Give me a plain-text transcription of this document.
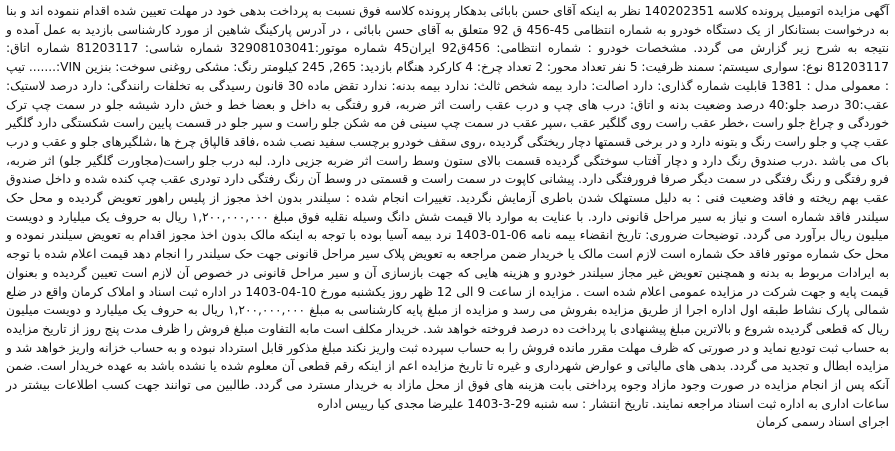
آگهی مزایده اتومبیل پرونده کلاسه 140202351 نظر به اینکه آقای حسن بابائی بدهکار پرونده کلاسه فوق نسبت به پرداخت بدهی خود در مهلت تعیین شده اقدام ننموده اند و بنا به درخواست بستانکار از یک دستگاه خودرو به شماره انتظامی 45-456 ق 92 متعلق به آقای حسن بابائی ، در آدرس پارکینگ شاهین از مورد کارشناسی بازدید به عمل آمده و نتیجه به شرح زیر گزارش می گردد. مشخصات خودرو : شماره انتظامی: 456ق92 ایران45 شماره موتور:32908103041 شماره شاسی: 81203117 شماره اتاق: 81203117 نوع: سواری سیستم: سمند ظرفیت: 5 نفر تعداد محور: 2 تعداد چرخ: 4 کارکرد هنگام بازدید: 265, 245 کیلومتر رنگ: مشکی روغنی سوخت: بنزین VIN:....... تیپ : معمولی مدل : 1381 قابلیت شماره گذاری: دارد اصالت: دارد بیمه شخص ثالث: ندارد بیمه بدنه: ندارد تقض ماده 30 قانون رسیدگی به تخلفات رانندگی: دارد درصد لاستیک: عقب:30 درصد جلو:40 درصد وضعیت بدنه و اتاق: درب های چپ و درب عقب راست اثر ضربه، فرو رفتگی به داخل و بعضا خط و خش دارد شیشه جلو در سمت چپ ترک خوردگی و چراغ جلو راست ،خطر عقب راست روی گلگیر عقب ،سپر عقب در سمت چپ سینی فن مه شکن جلو راست و سپر جلو در قسمت پایین راست شکستگی دارد گلگیر عقب چپ و جلو راست رنگ و بتونه دارد و در برخی قسمتها دچار ریختگی گردیده ،روی سقف خودرو برچسب سفید نصب شده ،فاقد قالپاق چرخ ها ،شلگیرهای جلو و عقب و درب باک می باشد .درب صندوق رنگ دارد و دچار آفتاب سوختگی گردیده قسمت بالای ستون وسط راست اثر ضربه جزیی دارد. لبه درب جلو راست(مجاورت گلگیر جلو) اثر ضربه، فرو رفتگی و رنگ رفتگی در سمت دیگر صرفا فرورفتگی دارد. پیشانی کاپوت در سمت راست و قسمتی در وسط آن رنگ رفتگی دارد تودری عقب چپ کنده شده و داخل صندوق عقب بهم ریخته و فاقد وضعیت فنی : به دلیل مستهلک شدن باطری آزمایش نگردید. تغییرات انجام شده : سیلندر بدون اخذ مجوز از پلیس راهور تعویض گردیده و محل حک سیلندر فاقد شماره است و نیاز به سیر مراحل قانونی دارد. با عنایت به موارد بالا قیمت شش دانگ وسیله نقلیه فوق مبلغ ۱,۲۰۰,۰۰۰,۰۰۰ ریال به حروف یک میلیارد و دویست میلیون ریال برآورد می گردد. توضیحات ضروری: تاریخ انقضاء بیمه نامه 06-01-1403 نرد بیمه آسیا بوده با توجه به اینکه مالک بدون اخذ مجوز اقدام به تعویض سیلندر نموده و محل حک شماره موتور فاقد حک شماره است لازم است مالک یا خریدار ضمن مراجعه به تعویض پلاک سیر مراحل قانونی جهت حک سیلندر را انجام دهد قیمت اعلام شده با توجه به ایرادات مربوط به بدنه و همچنین تعویض غیر مجاز سیلندر خودرو و هزینه هایی که جهت بازسازی آن و سیر مراحل قانونی در خصوص آن لازم است تعیین گردیده و بعنوان قیمت پایه و جهت شرکت در مزایده عمومی اعلام شده است . مزایده از ساعت 9 الی 12 ظهر روز یکشنبه مورخ 10-04-1403 در اداره ثبت اسناد و املاک کرمان واقع در ضلع شمالی پارک نشاط طبقه اول اداره اجرا از طریق مزایده بفروش می رسد و مزایده از مبلغ پایه کارشناسی به مبلغ ۱,۲۰۰,۰۰۰,۰۰۰ ریال به حروف یک میلیارد و دویست میلیون ریال که قطعی گردیده شروع و بالاترین مبلغ پیشنهادی با پرداخت ده درصد فروخته خواهد شد. خریدار مکلف است مابه التفاوت مبلغ فروش را ظرف مدت پنج روز از تاریخ مزایده به حساب ثبت تودیع نماید و در صورتی که ظرف مهلت مقرر مانده فروش را به حساب سپرده ثبت واریز نکند مبلغ مذکور قابل استرداد نبوده و به حساب خزانه واریز خواهد شد و مزایده ابطال و تجدید می گردد. بدهی های مالیاتی و عوارض شهرداری و غیره تا تاریخ مزایده اعم از اینکه رقم قطعی آن معلوم شده یا نشده باشد به عهده خریدار است. ضمن آنکه پس از انجام مزایده در صورت وجود مازاد وجوه پرداختی بابت هزینه های فوق از محل مازاد به خریدار مسترد می گردد. طالبین می توانند جهت کسب اطلاعات بیشتر در ساعات اداری به اداره ثبت اسناد مراجعه نمایند. تاریخ انتشار : سه شنبه 29-3-1403 علیرضا مجدی کیا رییس اداره

اجرای اسناد رسمی کرمان
